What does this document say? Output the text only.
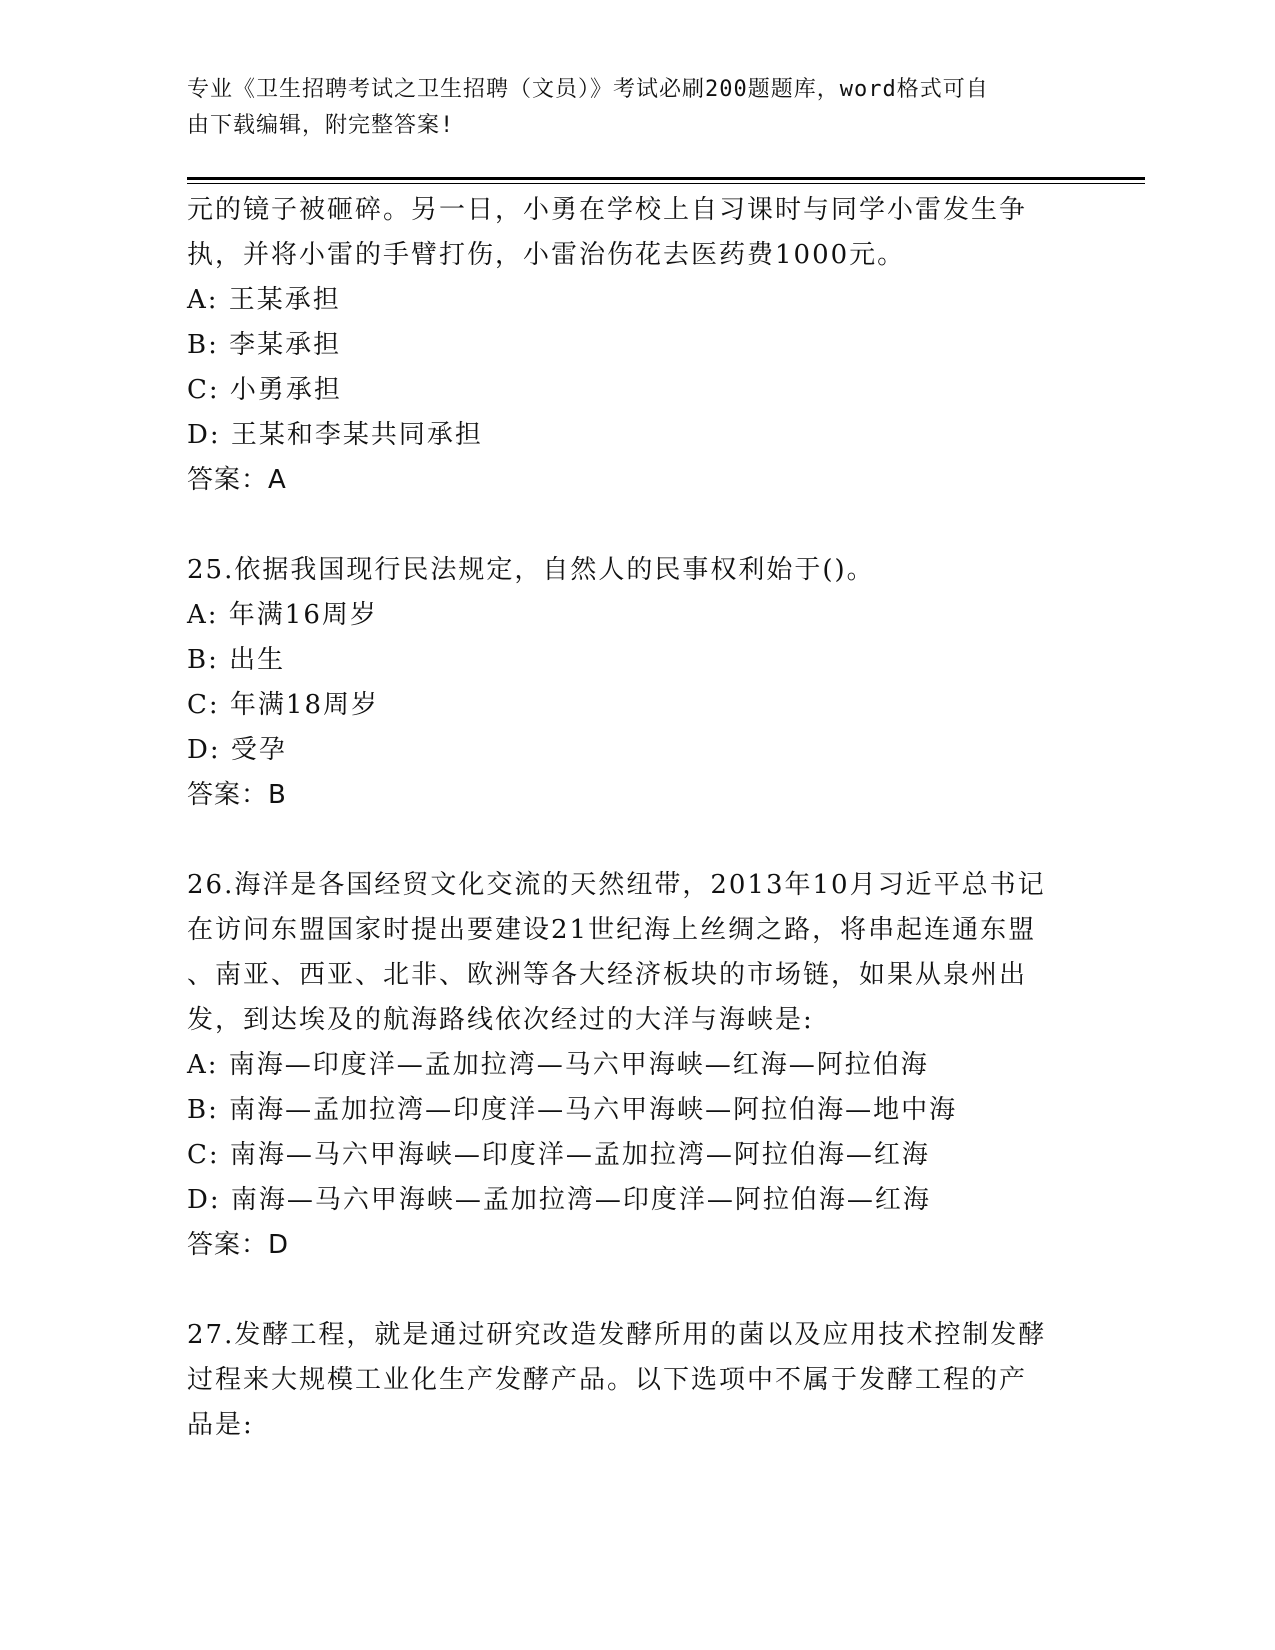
专业《卫生招聘考试之卫生招聘（文员）》考试必刷200题题库，word格式可自
由下载编辑，附完整答案!
元的镜子被砸碎。另一日，小勇在学校上自习课时与同学小雷发生争
执，并将小雷的手臂打伤，小雷治伤花去医药费1000元。
A: 王某承担
B: 李某承担
C: 小勇承担
D: 王某和李某共同承担
答案：A
25.依据我国现行民法规定，自然人的民事权利始于()。
A: 年满16周岁
B: 出生
C: 年满18周岁
D: 受孕
答案：B
26.海洋是各国经贸文化交流的天然纽带，2013年10月习近平总书记
在访问东盟国家时提出要建设21世纪海上丝绸之路，将串起连通东盟
、南亚、西亚、北非、欧洲等各大经济板块的市场链，如果从泉州出
发，到达埃及的航海路线依次经过的大洋与海峡是:
A: 南海—印度洋—孟加拉湾—马六甲海峡—红海—阿拉伯海
B: 南海—孟加拉湾—印度洋—马六甲海峡—阿拉伯海—地中海
C: 南海—马六甲海峡—印度洋—孟加拉湾—阿拉伯海—红海
D: 南海—马六甲海峡—孟加拉湾—印度洋—阿拉伯海—红海
答案：D
27.发酵工程，就是通过研究改造发酵所用的菌以及应用技术控制发酵
过程来大规模工业化生产发酵产品。以下选项中不属于发酵工程的产
品是:
